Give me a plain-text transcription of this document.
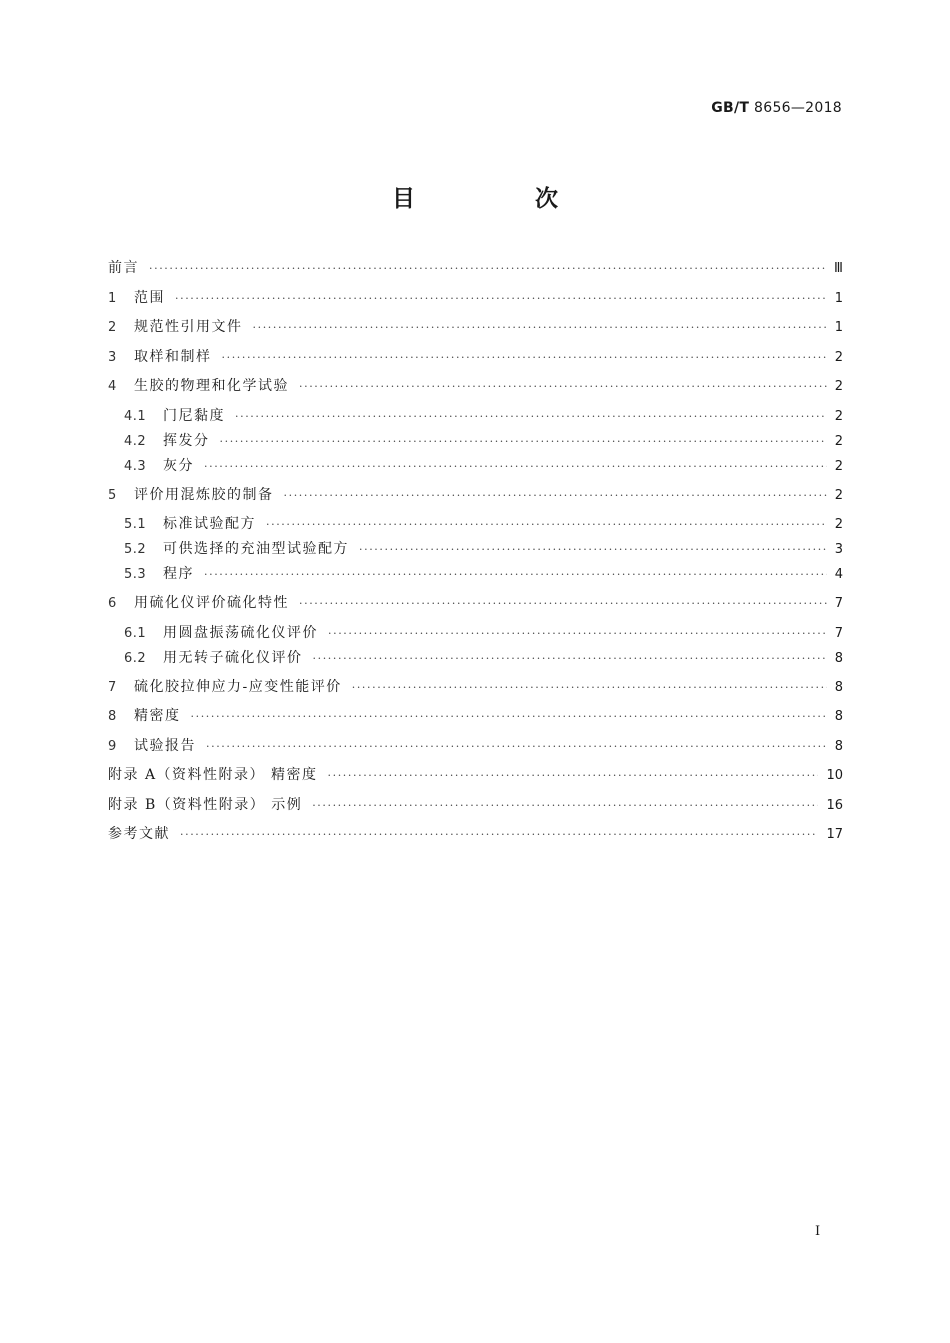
GB/T 8656—2018
目 次
前言 ·····	Ⅲ
1	范围 ·····	1
2	规范性引用文件 ·····	1
3	取样和制样 ·····	2
4	生胶的物理和化学试验 ·····	2
4.1	门尼黏度 ·····	2
4.2	挥发分 ·····	2
4.3	灰分 ·····	2
5	评价用混炼胶的制备 ·····	2
5.1	标准试验配方 ·····	2
5.2	可供选择的充油型试验配方 ·····	3
5.3	程序 ·····	4
6	用硫化仪评价硫化特性 ·····	7
6.1	用圆盘振荡硫化仪评价 ·····	7
6.2	用无转子硫化仪评价 ·····	8
7	硫化胶拉伸应力-应变性能评价 ·····	8
8	精密度 ·····	8
9	试验报告 ·····	8
附录 A（资料性附录） 精密度 ·····	10
附录 B（资料性附录） 示例 ·····	16
参考文献 ·····	17
Ⅰ
